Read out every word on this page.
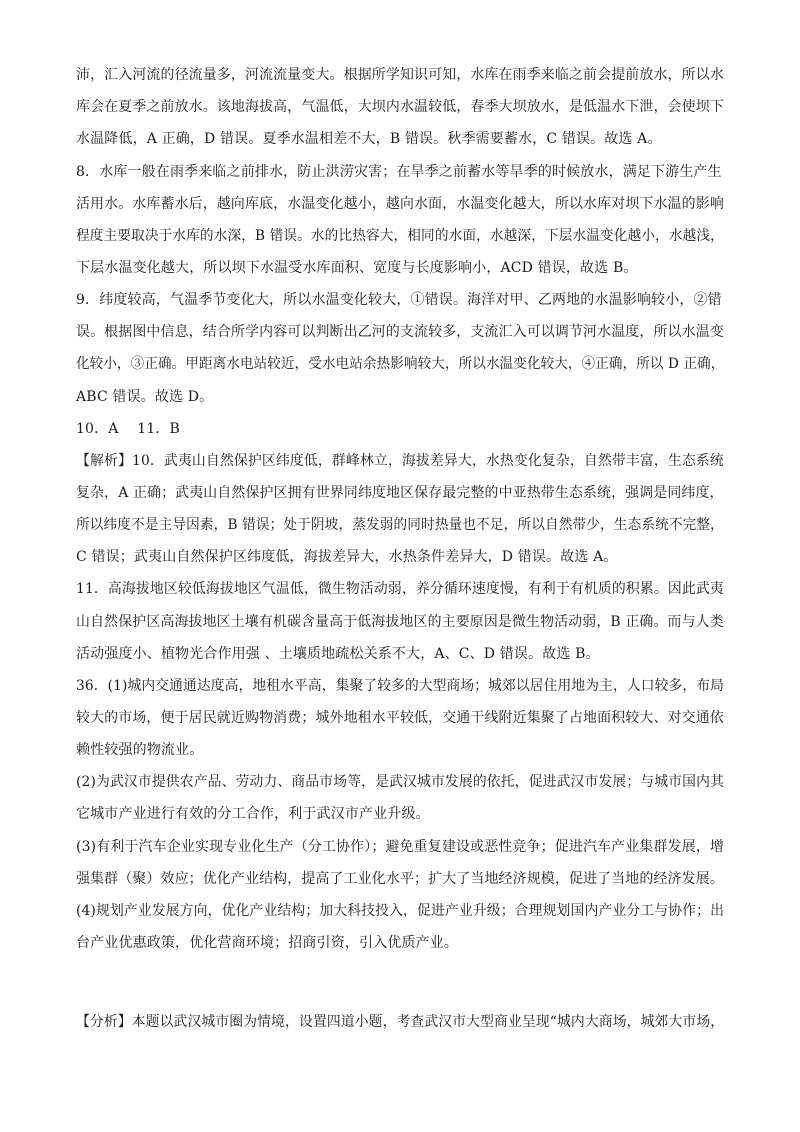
沛，汇入河流的径流量多，河流流量变大。根据所学知识可知，水库在雨季来临之前会提前放水，所以水
库会在夏季之前放水。该地海拔高，气温低，大坝内水温较低，春季大坝放水，是低温水下泄，会使坝下
水温降低，A 正确，D 错误。夏季水温相差不大，B 错误。秋季需要蓄水，C 错误。故选 A。
8．水库一般在雨季来临之前排水，防止洪涝灾害；在旱季之前蓄水等旱季的时候放水，满足下游生产生
活用水。水库蓄水后，越向库底，水温变化越小，越向水面，水温变化越大，所以水库对坝下水温的影响
程度主要取决于水库的水深，B 错误。水的比热容大，相同的水面，水越深，下层水温变化越小，水越浅，
下层水温变化越大，所以坝下水温受水库面积、宽度与长度影响小，ACD 错误，故选 B。
9．纬度较高，气温季节变化大，所以水温变化较大，①错误。海洋对甲、乙两地的水温影响较小，②错
误。根据图中信息，结合所学内容可以判断出乙河的支流较多，支流汇入可以调节河水温度，所以水温变
化较小，③正确。甲距离水电站较近，受水电站余热影响较大，所以水温变化较大，④正确，所以 D 正确，
ABC 错误。故选 D。
10．A　 11．B
【解析】10．武夷山自然保护区纬度低，群峰林立，海拔差异大，水热变化复杂，自然带丰富，生态系统
复杂，A 正确；武夷山自然保护区拥有世界同纬度地区保存最完整的中亚热带生态系统，强调是同纬度，
所以纬度不是主导因素，B 错误；处于阴坡，蒸发弱的同时热量也不足，所以自然带少，生态系统不完整，
C 错误；武夷山自然保护区纬度低，海拔差异大，水热条件差异大，D 错误。故选 A。
11．高海拔地区较低海拔地区气温低，微生物活动弱，养分循环速度慢，有利于有机质的积累。因此武夷
山自然保护区高海拔地区土壤有机碳含量高于低海拔地区的主要原因是微生物活动弱，B 正确。而与人类
活动强度小、植物光合作用强 、土壤质地疏松关系不大，A、C、D 错误。故选 B。
36．(1)城内交通通达度高，地租水平高，集聚了较多的大型商场；城郊以居住用地为主，人口较多，布局
较大的市场，便于居民就近购物消费；城外地租水平较低，交通干线附近集聚了占地面积较大、对交通依
赖性较强的物流业。
(2)为武汉市提供农产品、劳动力、商品市场等，是武汉城市发展的依托，促进武汉市发展；与城市国内其
它城市产业进行有效的分工合作，利于武汉市产业升级。
(3)有利于汽车企业实现专业化生产（分工协作）；避免重复建设或恶性竞争；促进汽车产业集群发展，增
强集群（聚）效应；优化产业结构，提高了工业化水平；扩大了当地经济规模，促进了当地的经济发展。
(4)规划产业发展方向，优化产业结构；加大科技投入，促进产业升级；合理规划国内产业分工与协作；出
台产业优惠政策，优化营商环境；招商引资，引入优质产业。
【分析】本题以武汉城市圈为情境，设置四道小题，考查武汉市大型商业呈现“城内大商场，城郊大市场，
